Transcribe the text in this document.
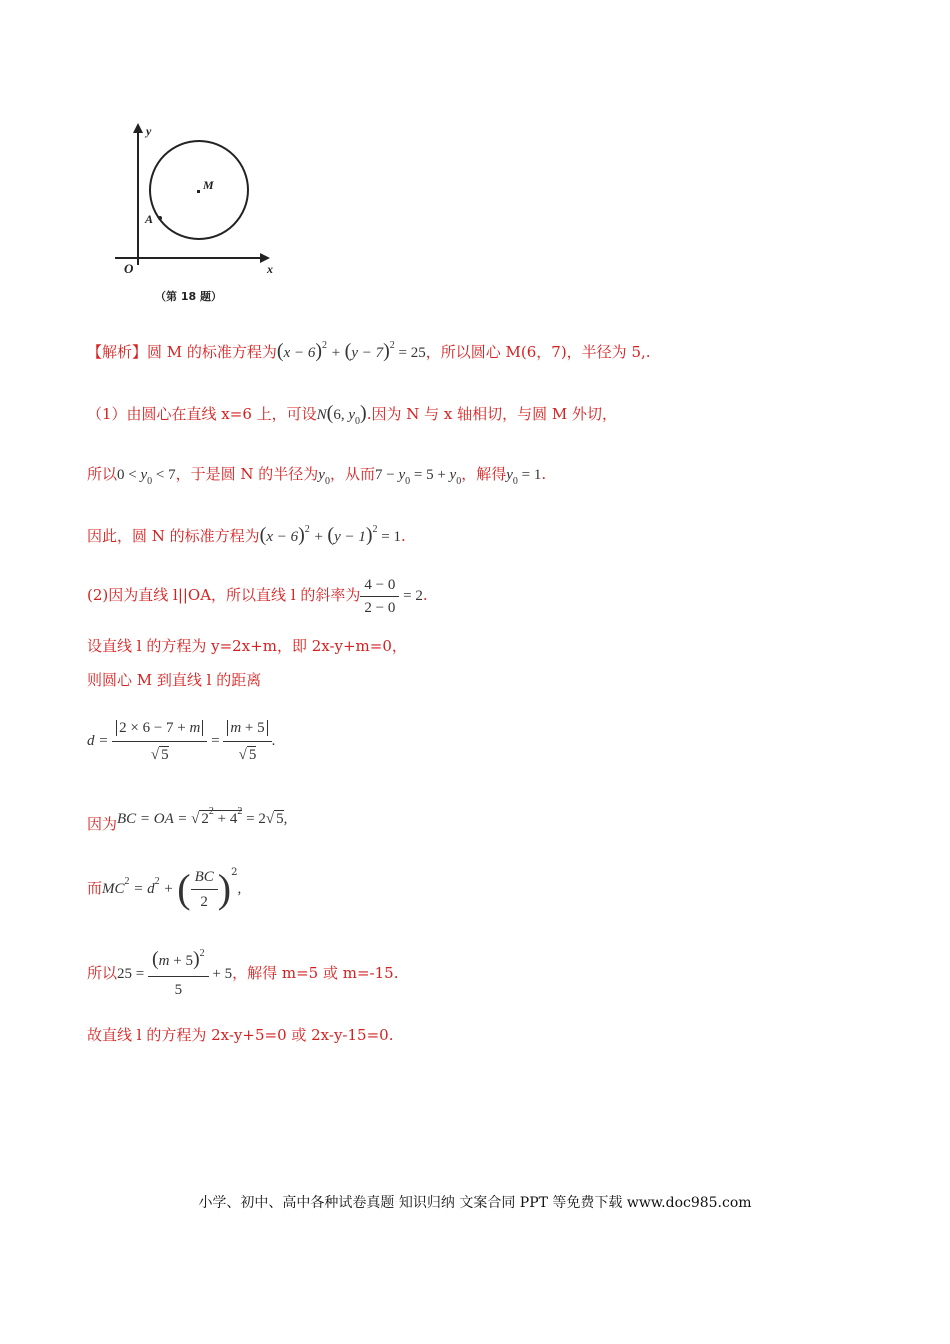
y
x
O
M
A
（第 18 题）
【解析】圆 M 的标准方程为$(x - 6)^2 + (y - 7)^2 = 25$，所以圆心 M(6，7)，半径为 5,.
（1）由圆心在直线 x=6 上，可设N(6, $y_0$).因为 N 与 x 轴相切，与圆 M 外切，
所以$0 < y_0 < 7$，于是圆 N 的半径为$y_0$，从而$7 - y_0 = 5 + y_0$，解得$y_0 = 1$.
因此，圆 N 的标准方程为$(x - 6)^2 + (y - 1)^2 = 1$.
(2)因为直线 l||OA，所以直线 l 的斜率为 $\frac{4 - 0}{2 - 0} = 2$.
设直线 l 的方程为 y=2x+m，即 2x-y+m=0，
则圆心 M 到直线 l 的距离
$d = \frac{2 \times 6 - 7 + m}{√ 5} = \frac{m + 5}{√ 5}$ .
因为BC = OA = √ $2^2 + 4^2 = 2√$ 5,
而$MC^2 = d^2$ + ( $\frac{BC}{2} )^2$,
所以$25 = \frac{(m + 5)^2}{5} + 5$，解得 m=5 或 m=-15.
故直线 l 的方程为 2x-y+5=0 或 2x-y-15=0.
小学、初中、高中各种试卷真题 知识归纳 文案合同 PPT 等免费下载 www.doc985.com
